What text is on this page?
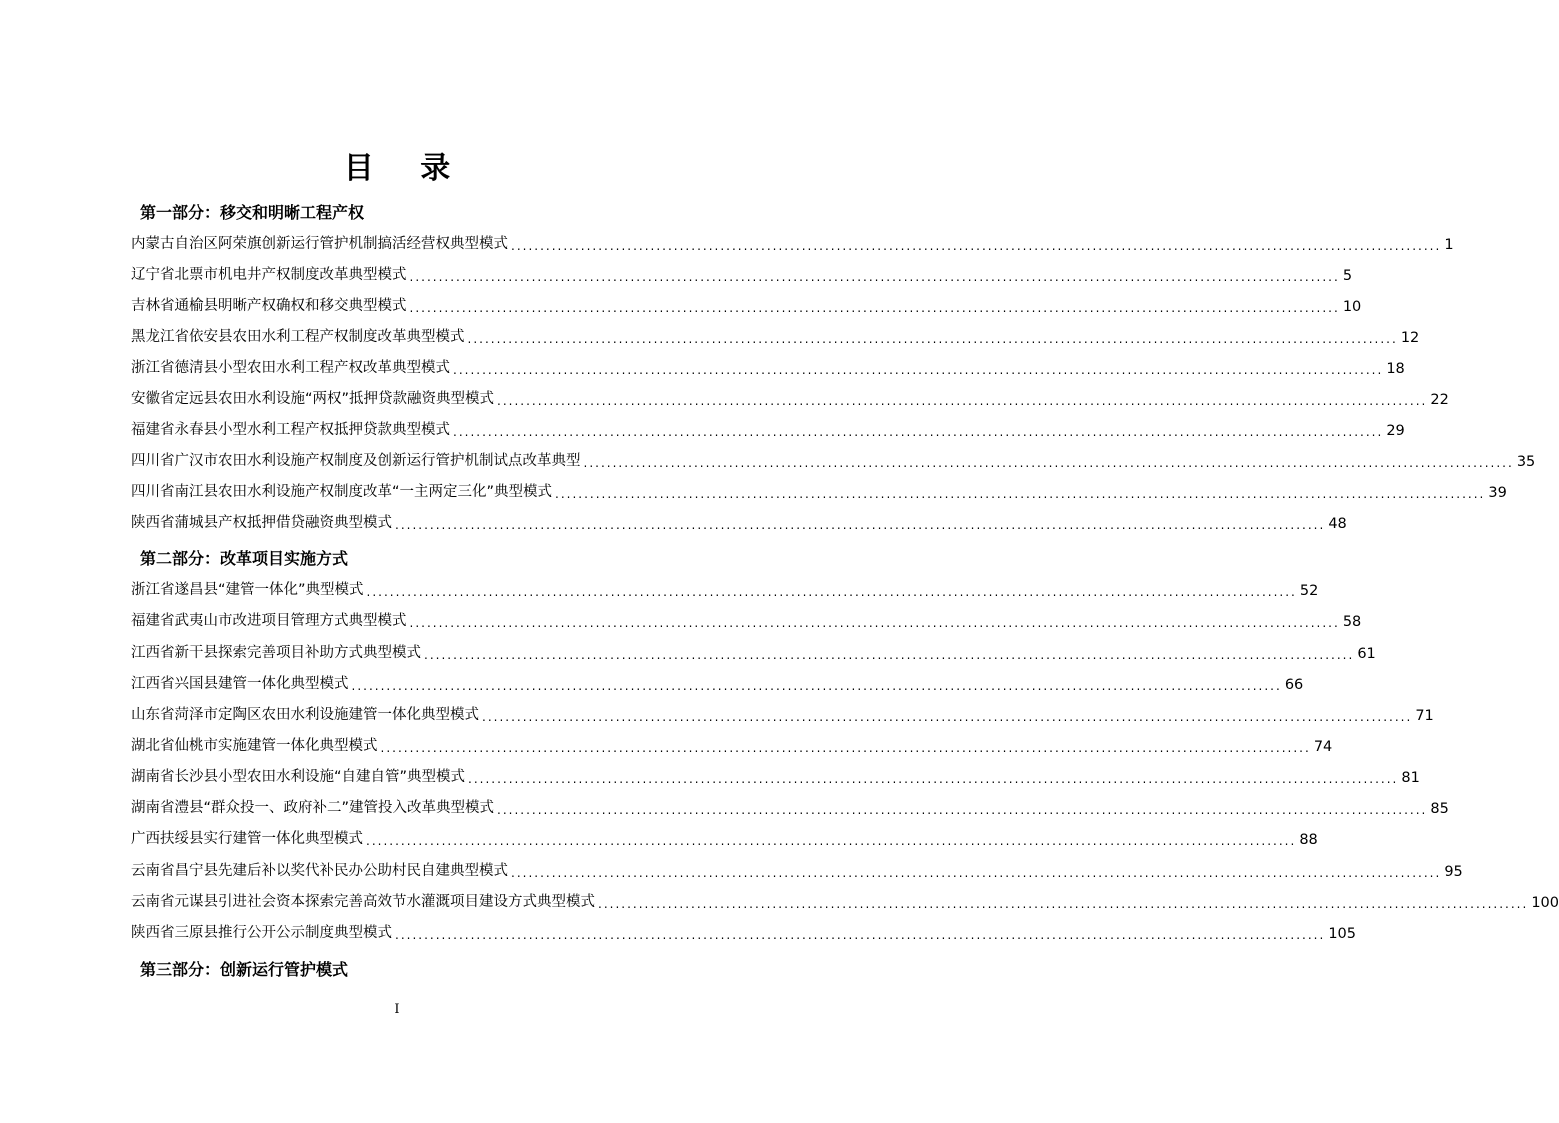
目 录
第一部分：移交和明晰工程产权
内蒙古自治区阿荣旗创新运行管护机制搞活经营权典型模式 ................................................................................................................................................................ 1
辽宁省北票市机电井产权制度改革典型模式 ................................................................................................................................................................ 5
吉林省通榆县明晰产权确权和移交典型模式 ................................................................................................................................................................ 10
黑龙江省依安县农田水利工程产权制度改革典型模式 ................................................................................................................................................................ 12
浙江省德清县小型农田水利工程产权改革典型模式 ................................................................................................................................................................ 18
安徽省定远县农田水利设施“两权”抵押贷款融资典型模式 ................................................................................................................................................................ 22
福建省永春县小型水利工程产权抵押贷款典型模式 ................................................................................................................................................................ 29
四川省广汉市农田水利设施产权制度及创新运行管护机制试点改革典型 ................................................................................................................................................................ 35
四川省南江县农田水利设施产权制度改革“一主两定三化”典型模式 ................................................................................................................................................................ 39
陕西省蒲城县产权抵押借贷融资典型模式 ................................................................................................................................................................ 48
第二部分：改革项目实施方式
浙江省遂昌县“建管一体化”典型模式 ................................................................................................................................................................ 52
福建省武夷山市改进项目管理方式典型模式 ................................................................................................................................................................ 58
江西省新干县探索完善项目补助方式典型模式 ................................................................................................................................................................ 61
江西省兴国县建管一体化典型模式 ................................................................................................................................................................ 66
山东省菏泽市定陶区农田水利设施建管一体化典型模式 ................................................................................................................................................................ 71
湖北省仙桃市实施建管一体化典型模式 ................................................................................................................................................................ 74
湖南省长沙县小型农田水利设施“自建自管”典型模式 ................................................................................................................................................................ 81
湖南省澧县“群众投一、政府补二”建管投入改革典型模式 ................................................................................................................................................................ 85
广西扶绥县实行建管一体化典型模式 ................................................................................................................................................................ 88
云南省昌宁县先建后补以奖代补民办公助村民自建典型模式 ................................................................................................................................................................ 95
云南省元谋县引进社会资本探索完善高效节水灌溉项目建设方式典型模式 ................................................................................................................................................................ 100
陕西省三原县推行公开公示制度典型模式 ................................................................................................................................................................ 105
第三部分：创新运行管护模式
I
